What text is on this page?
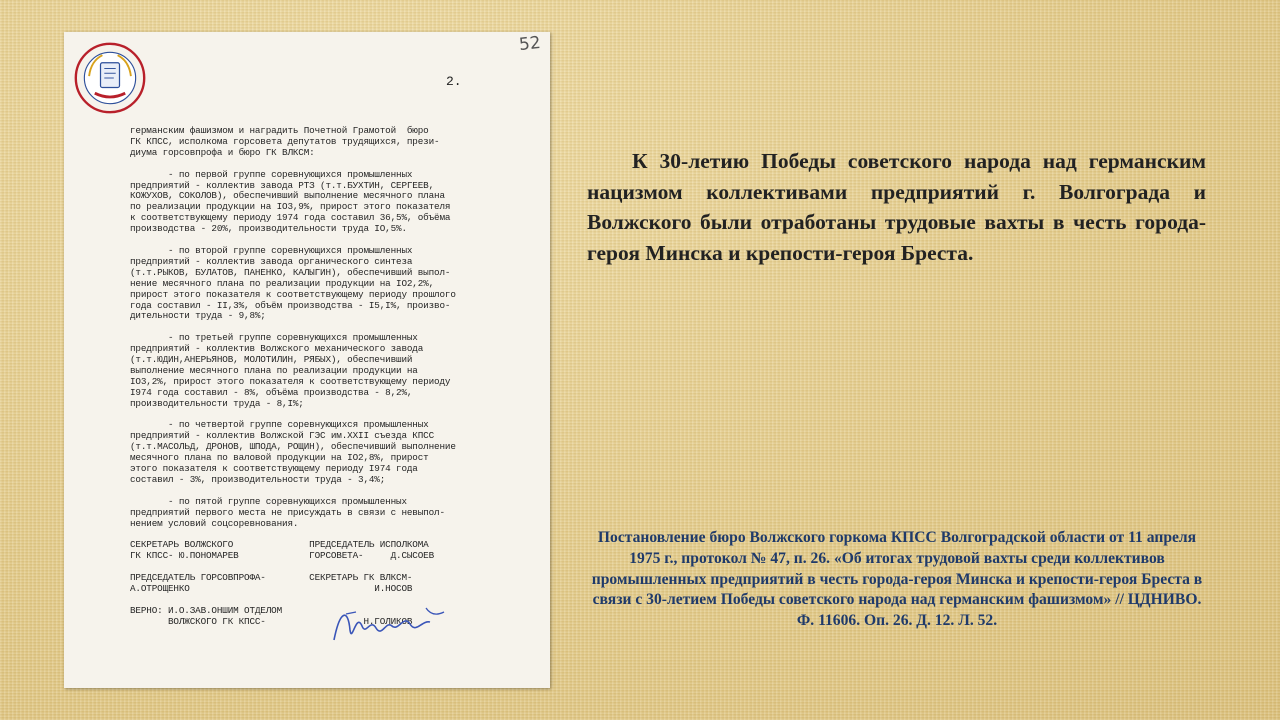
52
2.
германским фашизмом и наградить Почетной Грамотой  бюро
ГК КПСС, исполкома горсовета депутатов трудящихся, прези-
диума горсовпрофа и бюро ГК ВЛКСМ:

- по первой группе соревнующихся промышленных
предприятий - коллектив завода РТЗ (т.т.БУХТИН, СЕРГЕЕВ,
КОЖУХОВ, СОКОЛОВ), обеспечивший выполнение месячного плана
по реализации продукции на IO3,9%, прирост этого показателя
к соответствующему периоду 1974 года составил 36,5%, объёма
производства - 20%, производительности труда IO,5%.

- по второй группе соревнующихся промышленных
предприятий - коллектив завода органического синтеза
(т.т.РЫКОВ, БУЛАТОВ, ПАНЕНКО, КАЛЫГИН), обеспечивший выпол-
нение месячного плана по реализации продукции на IO2,2%,
прирост этого показателя к соответствующему периоду прошлого
года составил - II,3%, объём производства - I5,I%, произво-
дительности труда - 9,8%;

- по третьей группе соревнующихся промышленных
предприятий - коллектив Волжского механического завода
(т.т.ЮДИН,АНЕРЬЯНОВ, МОЛОТИЛИН, РЯБЫХ), обеспечивший
выполнение месячного плана по реализации продукции на
IO3,2%, прирост этого показателя к соответствующему периоду
I974 года составил - 8%, объёма производства - 8,2%,
производительности труда - 8,I%;

- по четвертой группе соревнующихся промышленных
предприятий - коллектив Волжской ГЭС им.XXII съезда КПСС
(т.т.МАСОЛЬД, ДРОНОВ, ШПОДА, РОЩИН), обеспечивший выполнение
месячного плана по валовой продукции на IO2,8%, прирост
этого показателя к соответствующему периоду I974 года
составил - 3%, производительности труда - 3,4%;

- по пятой группе соревнующихся промышленных
предприятий первого места не присуждать в связи с невыпол-
нением условий соцсоревнования.

СЕКРЕТАРЬ ВОЛЖСКОГО              ПРЕДСЕДАТЕЛЬ ИСПОЛКОМА
ГК КПСС- Ю.ПОНОМАРЕВ             ГОРСОВЕТА-     Д.СЫСОЕВ

ПРЕДСЕДАТЕЛЬ ГОРСОВПРОФА-        СЕКРЕТАРЬ ГК ВЛКСМ-
А.ОТРОЩЕНКО                                  И.НОСОВ

ВЕРНО: И.О.ЗАВ.ОНШИМ ОТДЕЛОМ
ВОЛЖСКОГО ГК КПСС-                  Н.ГОЛИКОВ

К 30-летию Победы советского народа над германским нацизмом коллективами предприятий г. Волгограда и Волжского были отработаны трудовые вахты в честь города-героя Минска и крепости-героя Бреста.

Постановление бюро Волжского горкома КПСС Волгоградской области от 11 апреля 1975 г., протокол № 47, п. 26. «Об итогах трудовой вахты среди коллективов промышленных предприятий в честь города-героя Минска и крепости-героя Бреста в связи с 30-летием Победы советского народа над германским фашизмом» // ЦДНИВО. Ф. 11606. Оп. 26. Д. 12. Л. 52.
